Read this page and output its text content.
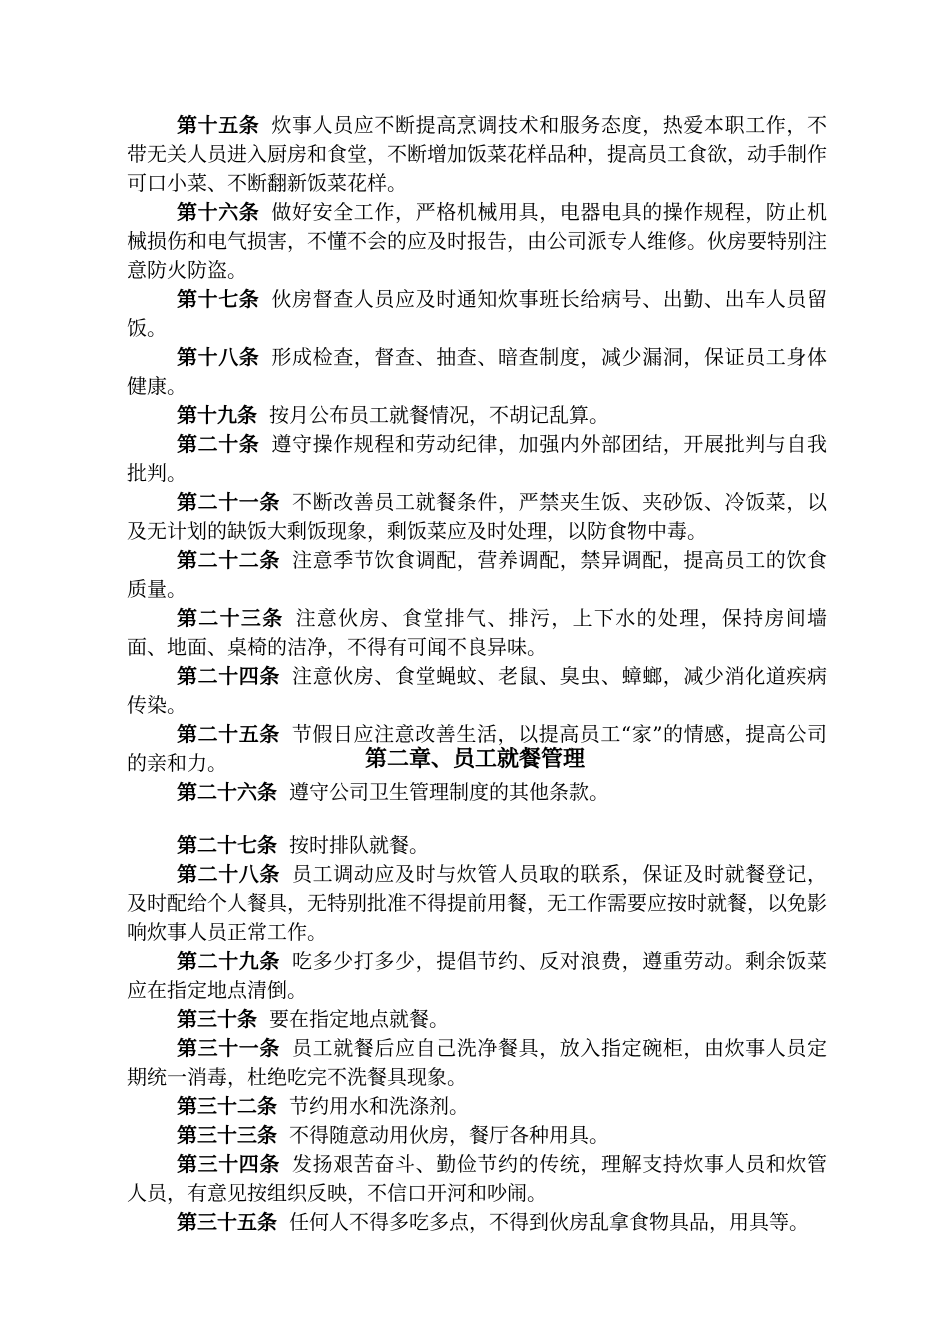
第十五条 炊事人员应不断提高烹调技术和服务态度，热爱本职工作，不带无关人员进入厨房和食堂，不断增加饭菜花样品种，提高员工食欲，动手制作可口小菜、不断翻新饭菜花样。

第十六条 做好安全工作，严格机械用具，电器电具的操作规程，防止机械损伤和电气损害，不懂不会的应及时报告，由公司派专人维修。伙房要特别注意防火防盗。

第十七条 伙房督查人员应及时通知炊事班长给病号、出勤、出车人员留饭。

第十八条 形成检查，督查、抽查、暗查制度，减少漏洞，保证员工身体健康。

第十九条 按月公布员工就餐情况，不胡记乱算。

第二十条 遵守操作规程和劳动纪律，加强内外部团结，开展批判与自我批判。

第二十一条 不断改善员工就餐条件，严禁夹生饭、夹砂饭、冷饭菜，以及无计划的缺饭大剩饭现象，剩饭菜应及时处理，以防食物中毒。

第二十二条 注意季节饮食调配，营养调配，禁异调配，提高员工的饮食质量。

第二十三条 注意伙房、食堂排气、排污，上下水的处理，保持房间墙面、地面、桌椅的洁净，不得有可闻不良异味。

第二十四条 注意伙房、食堂蝇蚊、老鼠、臭虫、蟑螂，减少消化道疾病传染。

第二十五条 节假日应注意改善生活，以提高员工“家”的情感，提高公司的亲和力。

第二十六条 遵守公司卫生管理制度的其他条款。

第二章、员工就餐管理

第二十七条 按时排队就餐。

第二十八条 员工调动应及时与炊管人员取的联系，保证及时就餐登记，及时配给个人餐具，无特别批准不得提前用餐，无工作需要应按时就餐，以免影响炊事人员正常工作。

第二十九条 吃多少打多少，提倡节约、反对浪费，遵重劳动。剩余饭菜应在指定地点清倒。

第三十条 要在指定地点就餐。

第三十一条 员工就餐后应自己洗净餐具，放入指定碗柜，由炊事人员定期统一消毒，杜绝吃完不洗餐具现象。

第三十二条 节约用水和洗涤剂。

第三十三条 不得随意动用伙房，餐厅各种用具。

第三十四条 发扬艰苦奋斗、勤俭节约的传统，理解支持炊事人员和炊管人员，有意见按组织反映，不信口开河和吵闹。

第三十五条 任何人不得多吃多点，不得到伙房乱拿食物具品，用具等。
